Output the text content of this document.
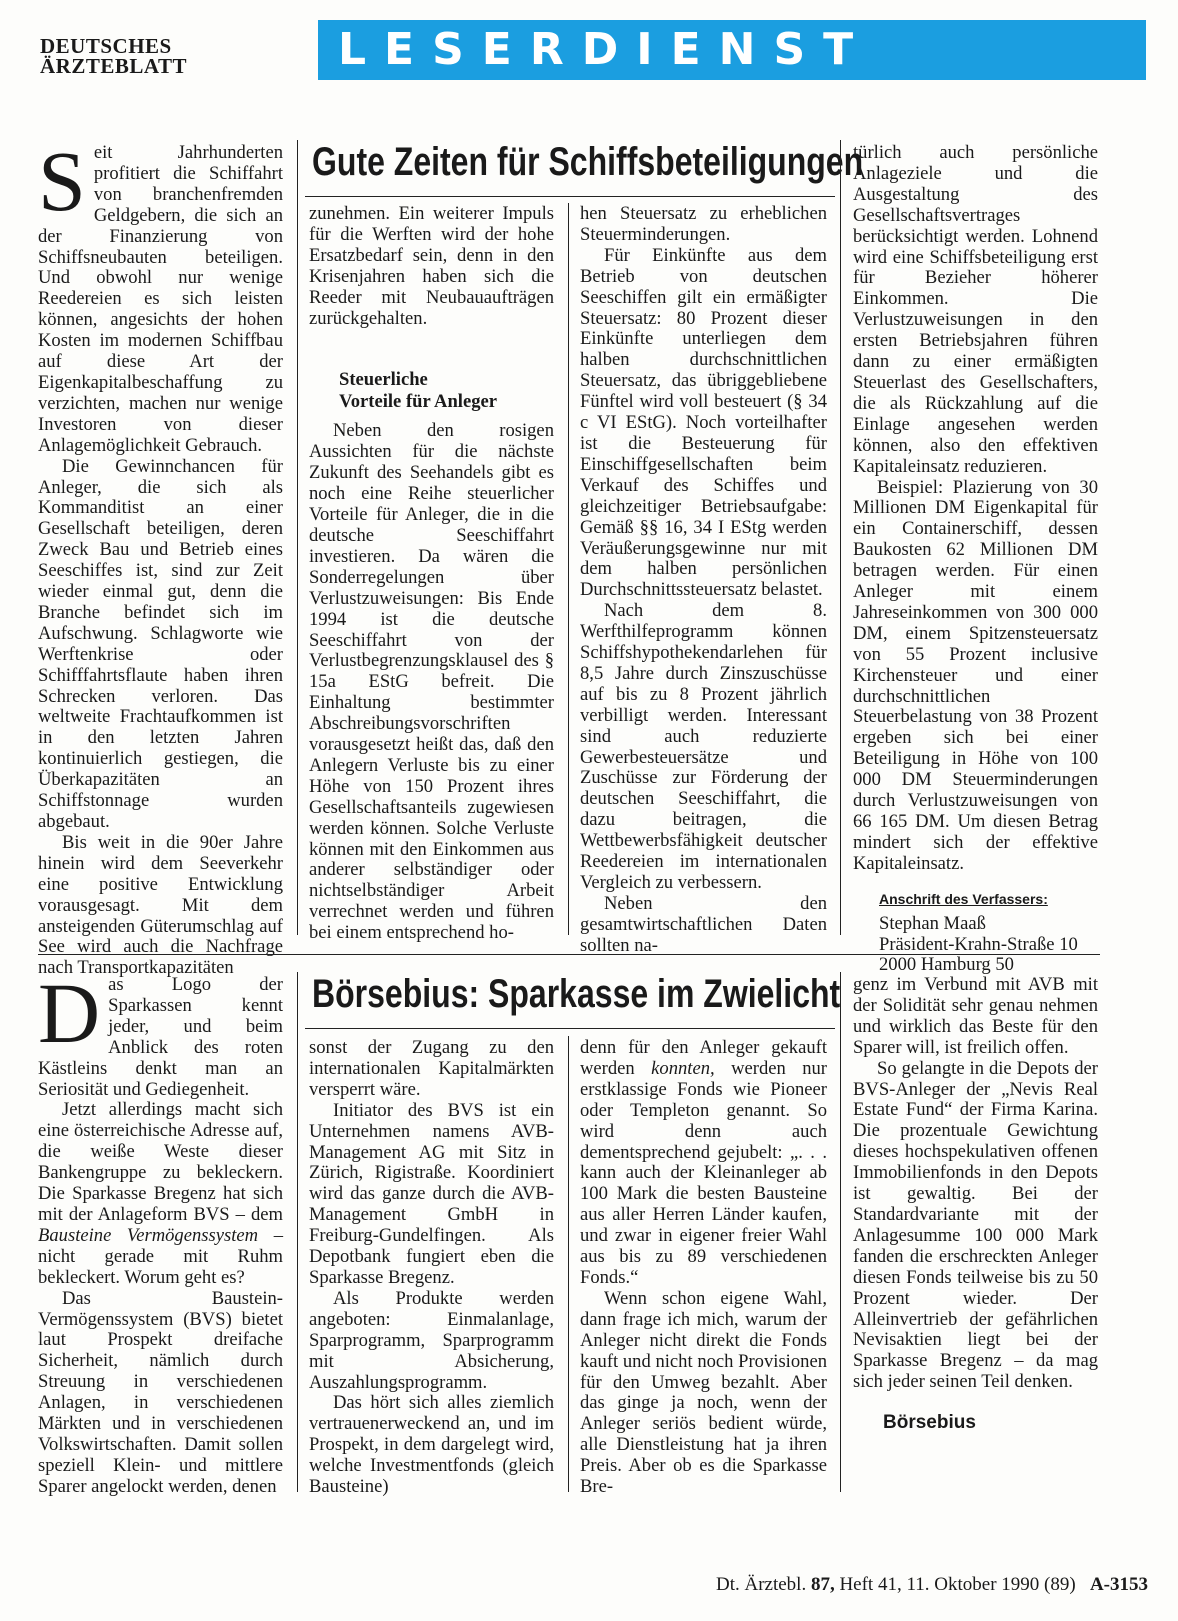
DEUTSCHES
ÄRZTEBLATT	LESERDIENST
Gute Zeiten für Schiffsbeteiligungen

Seit Jahrhunderten profitiert die Schiffahrt von branchenfremden Geldgebern, die sich an der Finanzierung von Schiffsneubauten beteiligen. Und obwohl nur wenige Reedereien es sich leisten können, angesichts der hohen Kosten im modernen Schiffbau auf diese Art der Eigenkapitalbeschaffung zu verzichten, machen nur wenige Investoren von dieser Anlagemöglichkeit Gebrauch.

Die Gewinnchancen für Anleger, die sich als Kommanditist an einer Gesellschaft beteiligen, deren Zweck Bau und Betrieb eines Seeschiffes ist, sind zur Zeit wieder einmal gut, denn die Branche befindet sich im Aufschwung. Schlagworte wie Werftenkrise oder Schifffahrtsflaute haben ihren Schrecken verloren. Das weltweite Frachtaufkommen ist in den letzten Jahren kontinuierlich gestiegen, die Überkapazitäten an Schiffstonnage wurden abgebaut.

Bis weit in die 90er Jahre hinein wird dem Seeverkehr eine positive Entwicklung vorausgesagt. Mit dem ansteigenden Güterumschlag auf See wird auch die Nachfrage nach Transportkapazitäten

zunehmen. Ein weiterer Impuls für die Werften wird der hohe Ersatzbedarf sein, denn in den Krisenjahren haben sich die Reeder mit Neubauaufträgen zurückgehalten.

Steuerliche
Vorteile für Anleger

Neben den rosigen Aussichten für die nächste Zukunft des Seehandels gibt es noch eine Reihe steuerlicher Vorteile für Anleger, die in die deutsche Seeschiffahrt investieren. Da wären die Sonderregelungen über Verlustzuweisungen: Bis Ende 1994 ist die deutsche Seeschiffahrt von der Verlustbegrenzungsklausel des § 15a EStG befreit. Die Einhaltung bestimmter Abschreibungsvorschriften vorausgesetzt heißt das, daß den Anlegern Verluste bis zu einer Höhe von 150 Prozent ihres Gesellschaftsanteils zugewiesen werden können. Solche Verluste können mit den Einkommen aus anderer selbständiger oder nichtselbständiger Arbeit verrechnet werden und führen bei einem entsprechend ho-

hen Steuersatz zu erheblichen Steuerminderungen.

Für Einkünfte aus dem Betrieb von deutschen Seeschiffen gilt ein ermäßigter Steuersatz: 80 Prozent dieser Einkünfte unterliegen dem halben durchschnittlichen Steuersatz, das übriggebliebene Fünftel wird voll besteuert (§ 34 c VI EStG). Noch vorteilhafter ist die Besteuerung für Einschiffgesellschaften beim Verkauf des Schiffes und gleichzeitiger Betriebsaufgabe: Gemäß §§ 16, 34 I EStg werden Veräußerungsgewinne nur mit dem halben persönlichen Durchschnittssteuersatz belastet.

Nach dem 8. Werfthilfeprogramm können Schiffshypothekendarlehen für 8,5 Jahre durch Zinszuschüsse auf bis zu 8 Prozent jährlich verbilligt werden. Interessant sind auch reduzierte Gewerbesteuersätze und Zuschüsse zur Förderung der deutschen Seeschiffahrt, die dazu beitragen, die Wettbewerbsfähigkeit deutscher Reedereien im internationalen Vergleich zu verbessern.

Neben den gesamtwirtschaftlichen Daten sollten na-

türlich auch persönliche Anlageziele und die Ausgestaltung des Gesellschaftsvertrages berücksichtigt werden. Lohnend wird eine Schiffsbeteiligung erst für Bezieher höherer Einkommen. Die Verlustzuweisungen in den ersten Betriebsjahren führen dann zu einer ermäßigten Steuerlast des Gesellschafters, die als Rückzahlung auf die Einlage angesehen werden können, also den effektiven Kapitaleinsatz reduzieren.

Beispiel: Plazierung von 30 Millionen DM Eigenkapital für ein Containerschiff, dessen Baukosten 62 Millionen DM betragen werden. Für einen Anleger mit einem Jahreseinkommen von 300 000 DM, einem Spitzensteuersatz von 55 Prozent inclusive Kirchensteuer und einer durchschnittlichen Steuerbelastung von 38 Prozent ergeben sich bei einer Beteiligung in Höhe von 100 000 DM Steuerminderungen durch Verlustzuweisungen von 66 165 DM. Um diesen Betrag mindert sich der effektive Kapitaleinsatz.

Anschrift des Verfassers:
Stephan Maaß
Präsident-Krahn-Straße 10
2000 Hamburg 50
Börsebius: Sparkasse im Zwielicht

Das Logo der Sparkassen kennt jeder, und beim Anblick des roten Kästleins denkt man an Seriosität und Gediegenheit.

Jetzt allerdings macht sich eine österreichische Adresse auf, die weiße Weste dieser Bankengruppe zu bekleckern. Die Sparkasse Bregenz hat sich mit der Anlageform BVS – dem Bausteine Vermögenssystem – nicht gerade mit Ruhm bekleckert. Worum geht es?

Das Baustein-Vermögenssystem (BVS) bietet laut Prospekt dreifache Sicherheit, nämlich durch Streuung in verschiedenen Anlagen, in verschiedenen Märkten und in verschiedenen Volkswirtschaften. Damit sollen speziell Klein- und mittlere Sparer angelockt werden, denen

sonst der Zugang zu den internationalen Kapitalmärkten versperrt wäre.

Initiator des BVS ist ein Unternehmen namens AVB-Management AG mit Sitz in Zürich, Rigistraße. Koordiniert wird das ganze durch die AVB-Management GmbH in Freiburg-Gundelfingen. Als Depotbank fungiert eben die Sparkasse Bregenz.

Als Produkte werden angeboten: Einmalanlage, Sparprogramm, Sparprogramm mit Absicherung, Auszahlungsprogramm.

Das hört sich alles ziemlich vertrauenerweckend an, und im Prospekt, in dem dargelegt wird, welche Investmentfonds (gleich Bausteine)

denn für den Anleger gekauft werden konnten, werden nur erstklassige Fonds wie Pioneer oder Templeton genannt. So wird denn auch dementsprechend gejubelt: „. . . kann auch der Kleinanleger ab 100 Mark die besten Bausteine aus aller Herren Länder kaufen, und zwar in eigener freier Wahl aus bis zu 89 verschiedenen Fonds.“

Wenn schon eigene Wahl, dann frage ich mich, warum der Anleger nicht direkt die Fonds kauft und nicht noch Provisionen für den Umweg bezahlt. Aber das ginge ja noch, wenn der Anleger seriös bedient würde, alle Dienstleistung hat ja ihren Preis. Aber ob es die Sparkasse Bre-

genz im Verbund mit AVB mit der Solidität sehr genau nehmen und wirklich das Beste für den Sparer will, ist freilich offen.

So gelangte in die Depots der BVS-Anleger der „Nevis Real Estate Fund“ der Firma Karina. Die prozentuale Gewichtung dieses hochspekulativen offenen Immobilienfonds in den Depots ist gewaltig. Bei der Standardvariante mit der Anlagesumme 100 000 Mark fanden die erschreckten Anleger diesen Fonds teilweise bis zu 50 Prozent wieder. Der Alleinvertrieb der gefährlichen Nevisaktien liegt bei der Sparkasse Bregenz – da mag sich jeder seinen Teil denken.

Börsebius
Dt. Ärztebl. 87, Heft 41, 11. Oktober 1990 (89) A-3153
